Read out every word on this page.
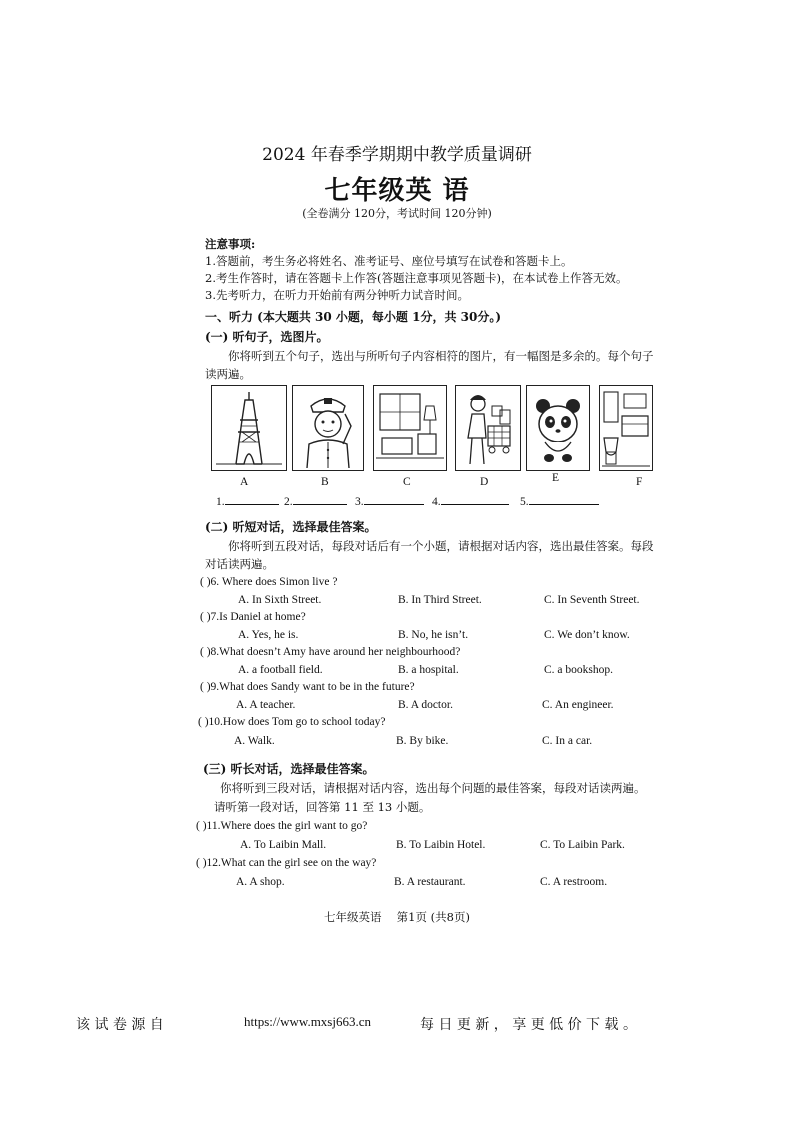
2024 年春季学期期中教学质量调研
七年级英 语
(全卷满分 120分，考试时间 120分钟)
注意事项:
1.答题前，考生务必将姓名、准考证号、座位号填写在试卷和答题卡上。
2.考生作答时，请在答题卡上作答(答题注意事项见答题卡)，在本试卷上作答无效。
3.先考听力，在听力开始前有两分钟听力试音时间。
一、听力 (本大题共 30 小题，每小题 1分，共 30分。)
(一) 听句子，选图片。
你将听到五个句子，选出与所听句子内容相符的图片，有一幅图是多余的。每个句子
读两遍。
A	B	C	D	E	F
1.	2.	3.	4.	5.
(二) 听短对话，选择最佳答案。
你将听到五段对话，每段对话后有一个小题，请根据对话内容，选出最佳答案。每段
对话读两遍。
( )6. Where does Simon live ?
A. In Sixth Street.	B. In Third Street.	C. In Seventh Street.
( )7.Is Daniel at home?
A. Yes, he is.	B. No, he isn’t.	C. We don’t know.
( )8.What doesn’t Amy have around her neighbourhood?
A. a football field.	B. a hospital.	C. a bookshop.
( )9.What does Sandy want to be in the future?
A. A teacher.	B. A doctor.	C. An engineer.
( )10.How does Tom go to school today?
A. Walk.	B. By bike.	C. In a car.
(三) 听长对话，选择最佳答案。
你将听到三段对话，请根据对话内容，选出每个问题的最佳答案，每段对话读两遍。
请听第一段对话，回答第 11 至 13 小题。
( )11.Where does the girl want to go?
A. To Laibin Mall.	B. To Laibin Hotel.	C. To Laibin Park.
( )12.What can the girl see on the way?
A. A shop.	B. A restaurant.	C. A restroom.
七年级英语　 第1页 (共8页)
该 试 卷 源 自	https://www.mxsj663.cn	每 日 更 新 ， 享 更 低 价 下 载 。
